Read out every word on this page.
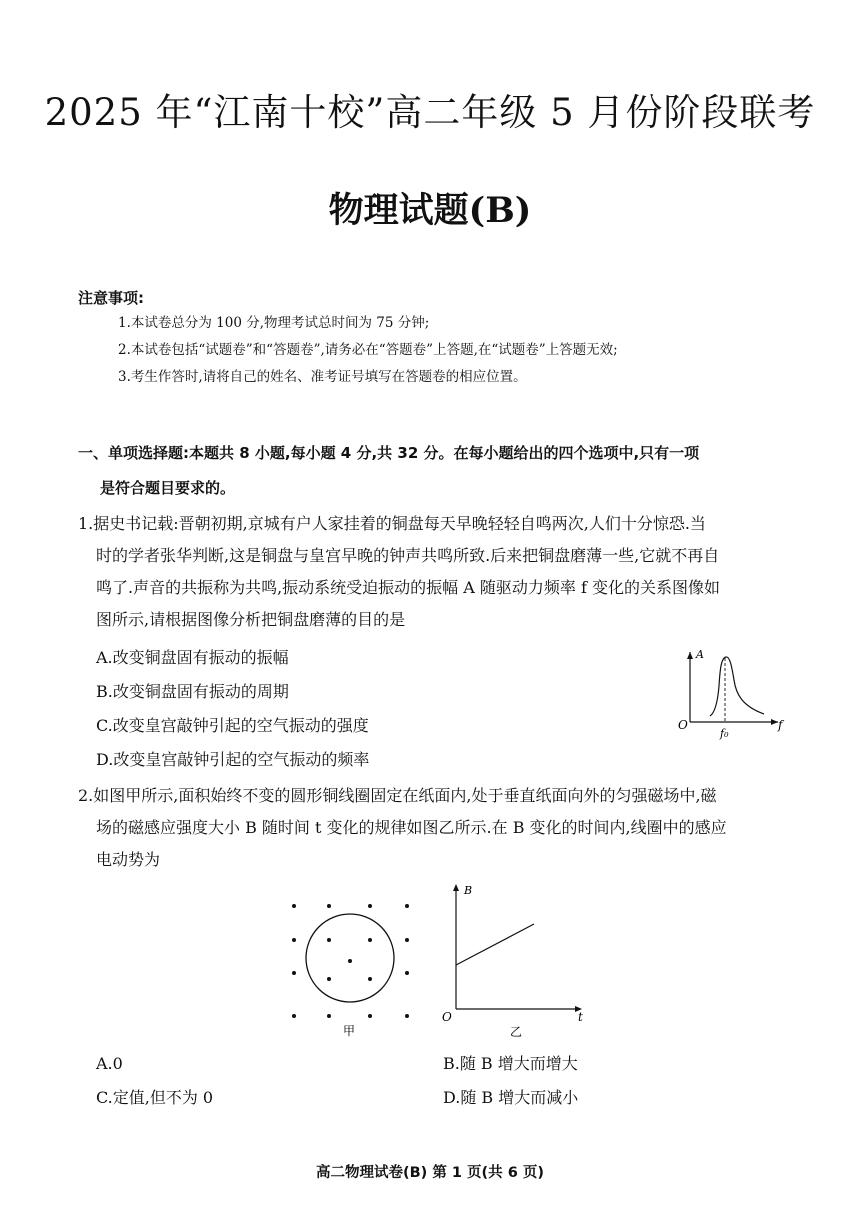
2025 年“江南十校”高二年级 5 月份阶段联考
物理试题(B)
注意事项:
1.本试卷总分为 100 分,物理考试总时间为 75 分钟;
2.本试卷包括“试题卷”和“答题卷”,请务必在“答题卷”上答题,在“试题卷”上答题无效;
3.考生作答时,请将自己的姓名、准考证号填写在答题卷的相应位置。
一、单项选择题:本题共 8 小题,每小题 4 分,共 32 分。在每小题给出的四个选项中,只有一项
是符合题目要求的。
1.据史书记载:晋朝初期,京城有户人家挂着的铜盘每天早晚轻轻自鸣两次,人们十分惊恐.当
时的学者张华判断,这是铜盘与皇宫早晚的钟声共鸣所致.后来把铜盘磨薄一些,它就不再自
鸣了.声音的共振称为共鸣,振动系统受迫振动的振幅 A 随驱动力频率 f 变化的关系图像如
图所示,请根据图像分析把铜盘磨薄的目的是
A.改变铜盘固有振动的振幅
B.改变铜盘固有振动的周期
C.改变皇宫敲钟引起的空气振动的强度
D.改变皇宫敲钟引起的空气振动的频率
A
f
O
f₀
2.如图甲所示,面积始终不变的圆形铜线圈固定在纸面内,处于垂直纸面向外的匀强磁场中,磁
场的磁感应强度大小 B 随时间 t 变化的规律如图乙所示.在 B 变化的时间内,线圈中的感应
电动势为
甲
B
t
O
乙
A.0	B.随 B 增大而增大
C.定值,但不为 0	D.随 B 增大而减小
高二物理试卷(B) 第 1 页(共 6 页)
